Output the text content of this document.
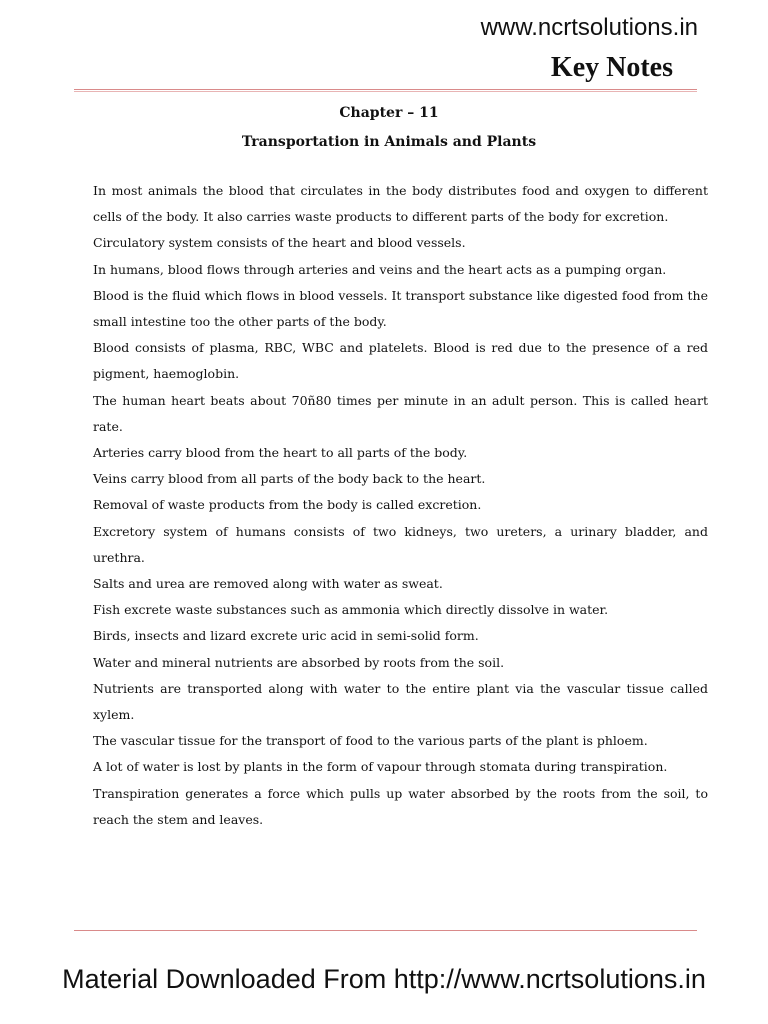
www.ncrtsolutions.in
Key Notes
Chapter – 11
Transportation in Animals and Plants
In most animals the blood that circulates in the body distributes food and oxygen to different cells of the body. It also carries waste products to different parts of the body for excretion.
Circulatory system consists of the heart and blood vessels.
In humans, blood flows through arteries and veins and the heart acts as a pumping organ.
Blood is the fluid which flows in blood vessels. It transport substance like digested food from the small intestine too the other parts of the body.
Blood consists of plasma, RBC, WBC and platelets. Blood is red due to the presence of a red pigment, haemoglobin.
The human heart beats about 70ñ80 times per minute in an adult person. This is called heart rate.
Arteries carry blood from the heart to all parts of the body.
Veins carry blood from all parts of the body back to the heart.
Removal of waste products from the body is called excretion.
Excretory system of humans consists of two kidneys, two ureters, a urinary bladder, and urethra.
Salts and urea are removed along with water as sweat.
Fish excrete waste substances such as ammonia which directly dissolve in water.
Birds, insects and lizard excrete uric acid in semi-solid form.
Water and mineral nutrients are absorbed by roots from the soil.
Nutrients are transported along with water to the entire plant via the vascular tissue called xylem.
The vascular tissue for the transport of food to the various parts of the plant is phloem.
A lot of water is lost by plants in the form of vapour through stomata during transpiration.
Transpiration generates a force which pulls up water absorbed by the roots from the soil, to reach the stem and leaves.
Material Downloaded From http://www.ncrtsolutions.in
